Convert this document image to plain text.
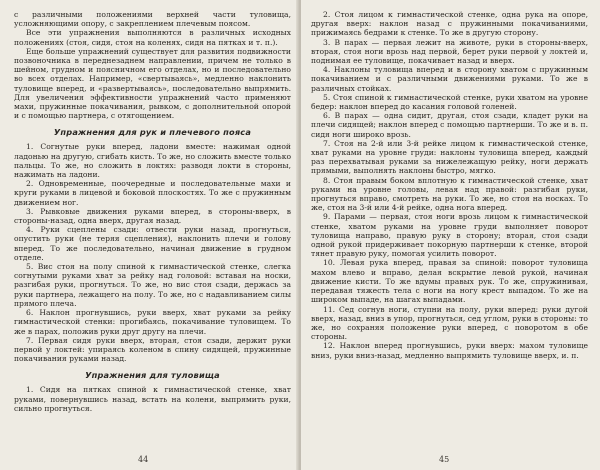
с различными положениями верхней части туловища, усложняющими опору, с закреплением плечевым поясом.

Все эти упражнения выполняются в различных исходных положениях (стоя, сидя, стоя на коленях, сидя на пятках и т. п.).

Еще больше упражнений существует для развития подвижности позвоночника в переднезаднем направлении, причем не только в шейном, грудном и поясничном его отделах, но и последовательно во всех отделах. Например, «свертываясь», медленно наклонить туловище вперед, и «развертываясь», последовательно выпрямить. Для увеличения эффективности упражнений часто применяют махи, пружинные покачивания, рывком, с дополнительной опорой и с помощью партнера, с отягощением.

Упражнения для рук и плечевого пояса

1. Согнутые руки вперед, ладони вместе: нажимая одной ладонью на другую, сгибать кисть. То же, но сложить вместе только пальцы. То же, но сложить в локтях: разводя локти в стороны, нажимать на ладони.

2. Одновременные, поочередные и последовательные махи и круги руками в лицевой и боковой плоскостях. То же с пружинным движением ног.

3. Рывковые движения руками вперед, в стороны-вверх, в стороны-назад, одна вверх, другая назад.

4. Руки сцеплены сзади: отвести руки назад, прогнуться, опустить руки (не теряя сцепления), наклонить плечи и голову вперед. То же последовательно, начиная движение в грудном отделе.

5. Вис стоя на полу спиной к гимнастической стенке, слегка согнутыми руками хват за рейку над головой: вставая на носки, разгибая руки, прогнуться. То же, но вис стоя сзади, держась за руки партнера, лежащего на полу. То же, но с надавливанием силы прямого плеча.

6. Наклон прогнувшись, руки вверх, хват руками за рейку гимнастической стенки: прогибаясь, покачивание туловищем. То же в парах, положив руки друг другу на плечи.

7. Первая сидя руки вверх, вторая, стоя сзади, держит руки первой у локтей: упираясь коленом в спину сидящей, пружинные покачивания руками назад.

Упражнения для туловища

1. Сидя на пятках спиной к гимнастической стенке, хват руками, повернувшись назад, встать на колени, выпрямить руки, сильно прогнуться.

44

2. Стоя лицом к гимнастической стенке, одна рука на опоре, другая вверх: наклон назад с пружинными покачиваниями, прижимаясь бедрами к стенке. То же в другую сторону.

3. В парах — первая лежит на животе, руки в стороны-вверх, вторая, стоя ноги врозь над первой, берет руки первой у локтей и, поднимая ее туловище, покачивает назад и вверх.

4. Наклоны туловища вперед и в сторону хватом с пружинным покачиванием и с различными движениями руками. То же в различных стойках.

5. Стоя спиной к гимнастической стенке, руки хватом на уровне бедер: наклон вперед до касания головой голеней.

6. В парах — одна сидит, другая, стоя сзади, кладет руки на плечи сидящей; наклон вперед с помощью партнерши. То же и в. п. сидя ноги широко врозь.

7. Стоя на 2-й или 3-й рейке лицом к гимнастической стенке, хват руками на уровне груди: наклоны туловища вперед, каждый раз перехватывая руками за нижележащую рейку, ноги держать прямыми, выполнять наклоны быстро, мягко.

8. Стоя правым боком вплотную к гимнастической стенке, хват руками на уровне головы, левая над правой: разгибая руки, прогнуться вправо, смотреть на руки. То же, но стоя на носках. То же, стоя на 3-й или 4-й рейке, одна нога вперед.

9. Парами — первая, стоя ноги врозь лицом к гимнастической стенке, хватом руками на уровне груди выполняет поворот туловища направо, правую руку в сторону; вторая, стоя сзади одной рукой придерживает покорную партнерши к стенке, второй тянет правую руку, помогая усилить поворот.

10. Левая рука вперед, правая за спиной: поворот туловища махом влево и вправо, делая вскрытие левой рукой, начиная движение кисти. То же вдумы правых рук. То же, спружинивая, передавая тяжесть тела с ноги на ногу крест выпадом. То же на широком выпаде, на шагах выпадами.

11. Сед согнув ноги, ступни на полу, руки вперед: руки дугой вверх, назад, вниз в упор, прогнуться, сед углом, руки в стороны: то же, но сохраняя положение руки вперед, с поворотом в обе стороны.

12. Наклон вперед прогнувшись, руки вверх: махом туловище вниз, руки вниз-назад, медленно выпрямить туловище вверх, и. п.

45
